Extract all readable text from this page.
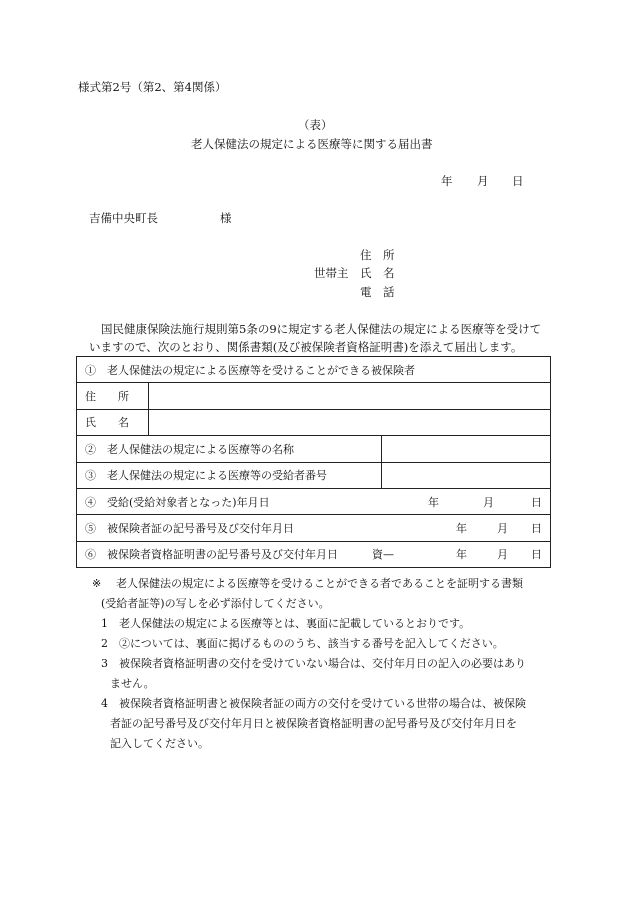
様式第2号（第2、第4関係）
（表）
老人保健法の規定による医療等に関する届出書
年 月 日
吉備中央町長	様
住　所
世帯主 氏　名
電　話
国民健康保険法施行規則第5条の9に規定する老人保健法の規定による医療等を受けて
いますので、次のとおり、関係書類(及び被保険者資格証明書)を添えて届出します。
①　老人保健法の規定による医療等を受けることができる被保険者		
住　　所		
氏　　名		
②　老人保健法の規定による医療等の名称		
③　老人保健法の規定による医療等の受給者番号		

④　受給(受給対象者となった)年月日 年 月 日		

⑤　被保険者証の記号番号及び交付年月日 年 月 日		

⑥　被保険者資格証明書の記号番号及び交付年月日 資— 年 月 日		
※ 老人保健法の規定による医療等を受けることができる者であることを証明する書類
(受給者証等)の写しを必ず添付してください。
1　老人保健法の規定による医療等とは、裏面に記載しているとおりです。
2　②については、裏面に掲げるもののうち、該当する番号を記入してください。
3　被保険者資格証明書の交付を受けていない場合は、交付年月日の記入の必要はあり
ません。
4　被保険者資格証明書と被保険者証の両方の交付を受けている世帯の場合は、被保険
者証の記号番号及び交付年月日と被保険者資格証明書の記号番号及び交付年月日を
記入してください。
